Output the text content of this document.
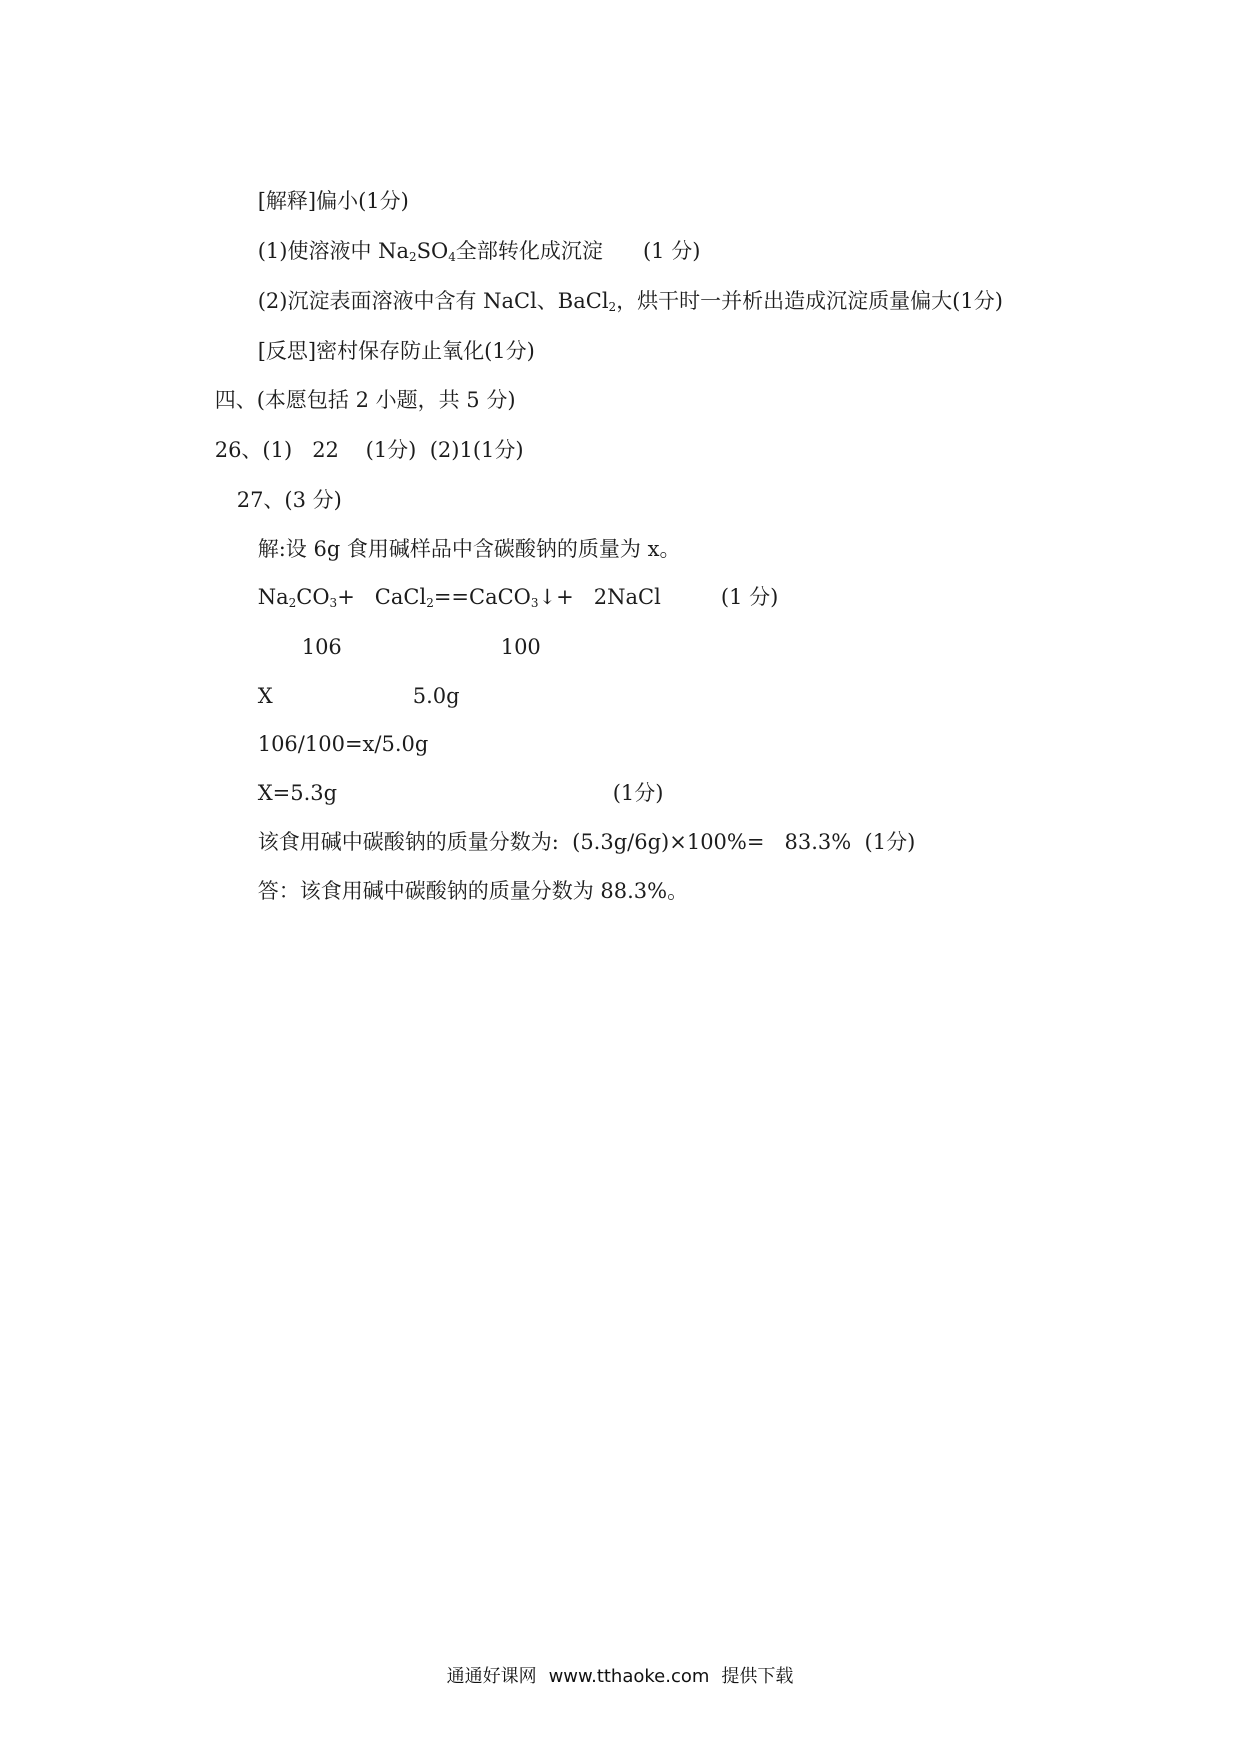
[解释]偏小(1分)

(1)使溶液中 $Na_2SO_4$全部转化成沉淀      (1 分)

(2)沉淀表面溶液中含有 NaCl、BaCl$_2$，烘干时一并析出造成沉淀质量偏大(1分)

[反思]密村保存防止氧化(1分)

四、(本愿包括 2 小题，共 5 分)

26、(1)   22    (1分)  (2)1(1分)

27、(3 分)

解:设 6g 食用碱样品中含碳酸钠的质量为 x。

$Na_2CO_3+$   CaCl$_2$==CaCO$_3$↓+   2NaCl         (1 分)

106
	100

X
	5.0g

106/100=x/5.0g

X=5.3g
	(1分)

该食用碱中碳酸钠的质量分数为:  (5.3g/6g)×100%=   83.3%  (1分)

答：该食用碱中碳酸钠的质量分数为 88.3%。

通通好课网 www.tthaoke.com 提供下载
